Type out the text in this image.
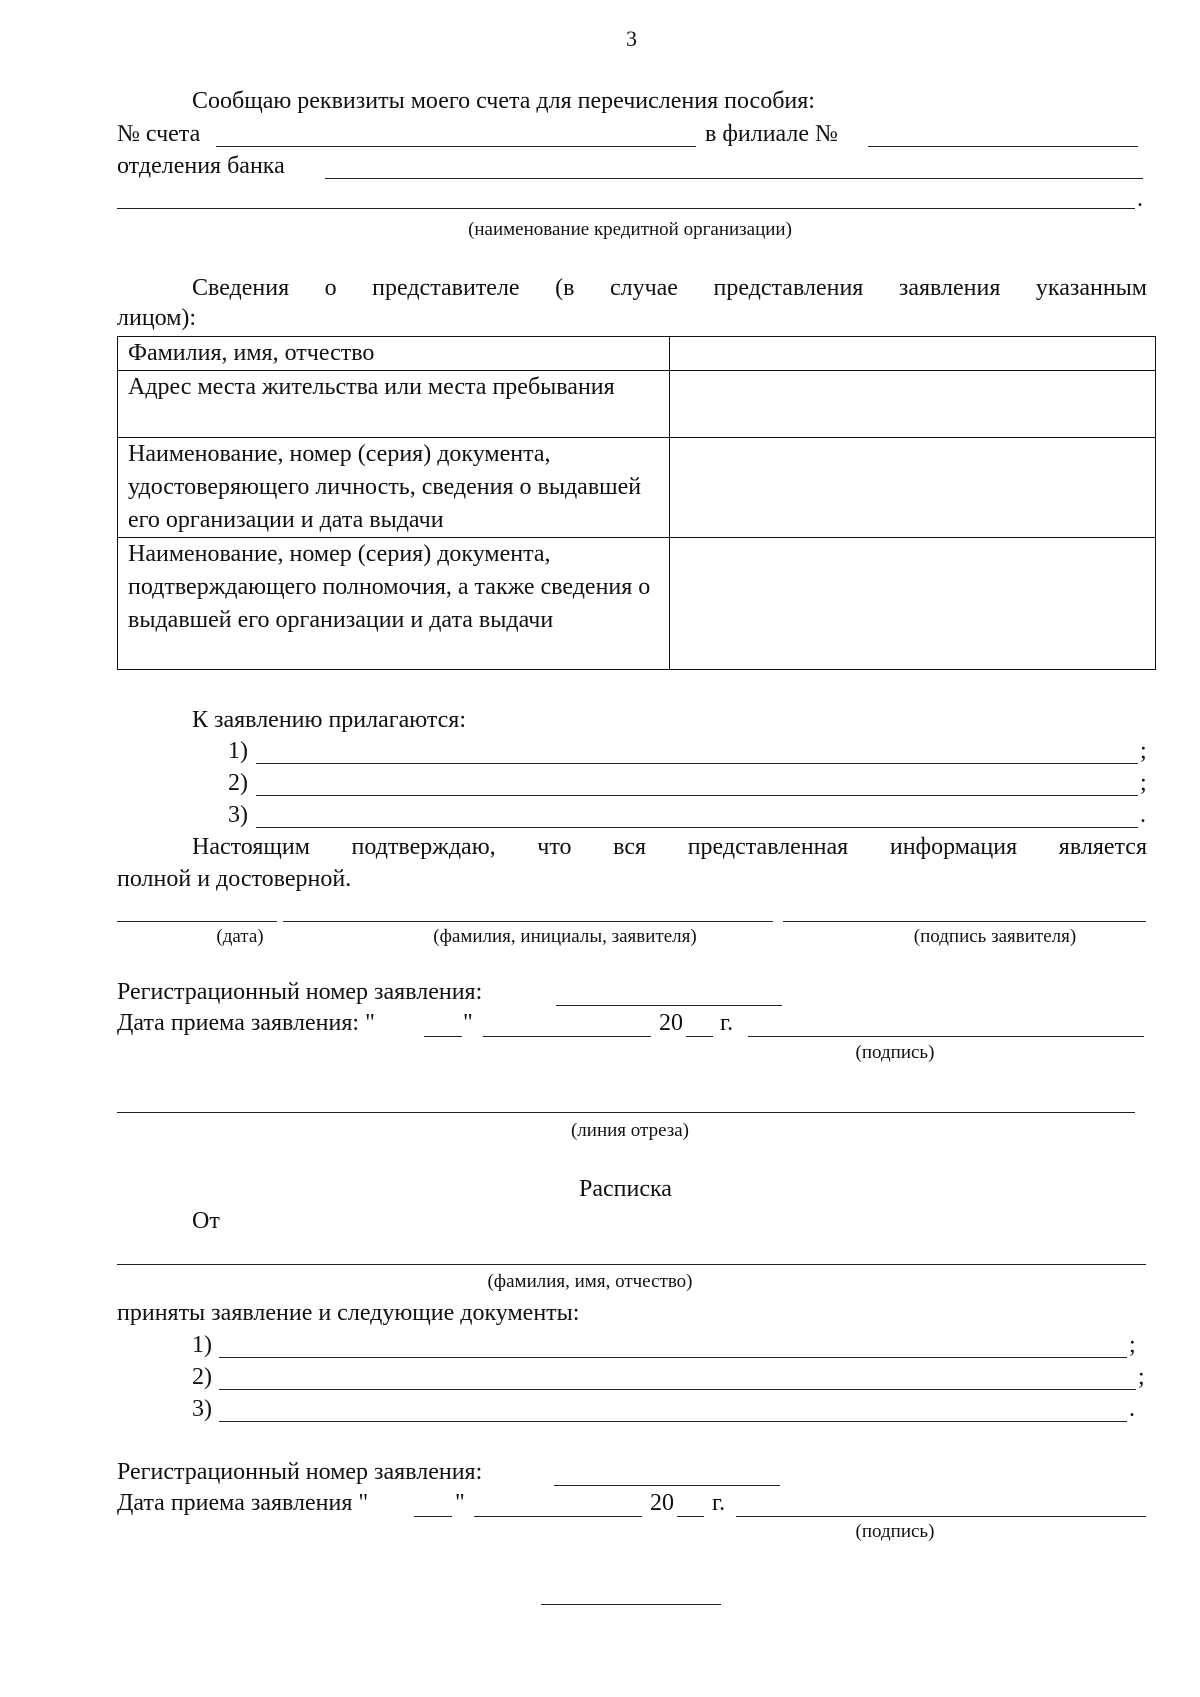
3
Сообщаю реквизиты моего счета для перечисления пособия:
№ счета	в филиале №
отделения банка
.
(наименование кредитной организации)
Сведения о представителе (в случае представления заявления указанным
лицом):
Фамилия, имя, отчество	
Адрес места жительства или места пребывания	
Наименование, номер (серия) документа, удостоверяющего личность, сведения о выдавшей его организации и дата выдачи	
Наименование, номер (серия) документа, подтверждающего полномочия, а также сведения о выдавшей его организации и дата выдачи	
К заявлению прилагаются:
1)	;
2)	;
3)	.
Настоящим подтверждаю, что вся представленная информация является
полной и достоверной.
(дата)	(фамилия, инициалы, заявителя)	(подпись заявителя)
Регистрационный номер заявления:
Дата приема заявления: "	"	20 г.
(подпись)
(линия отреза)
Расписка
От
(фамилия, имя, отчество)
приняты заявление и следующие документы:
1)	;
2)	;
3)	.
Регистрационный номер заявления:
Дата приема заявления "	"	20 г.
(подпись)
